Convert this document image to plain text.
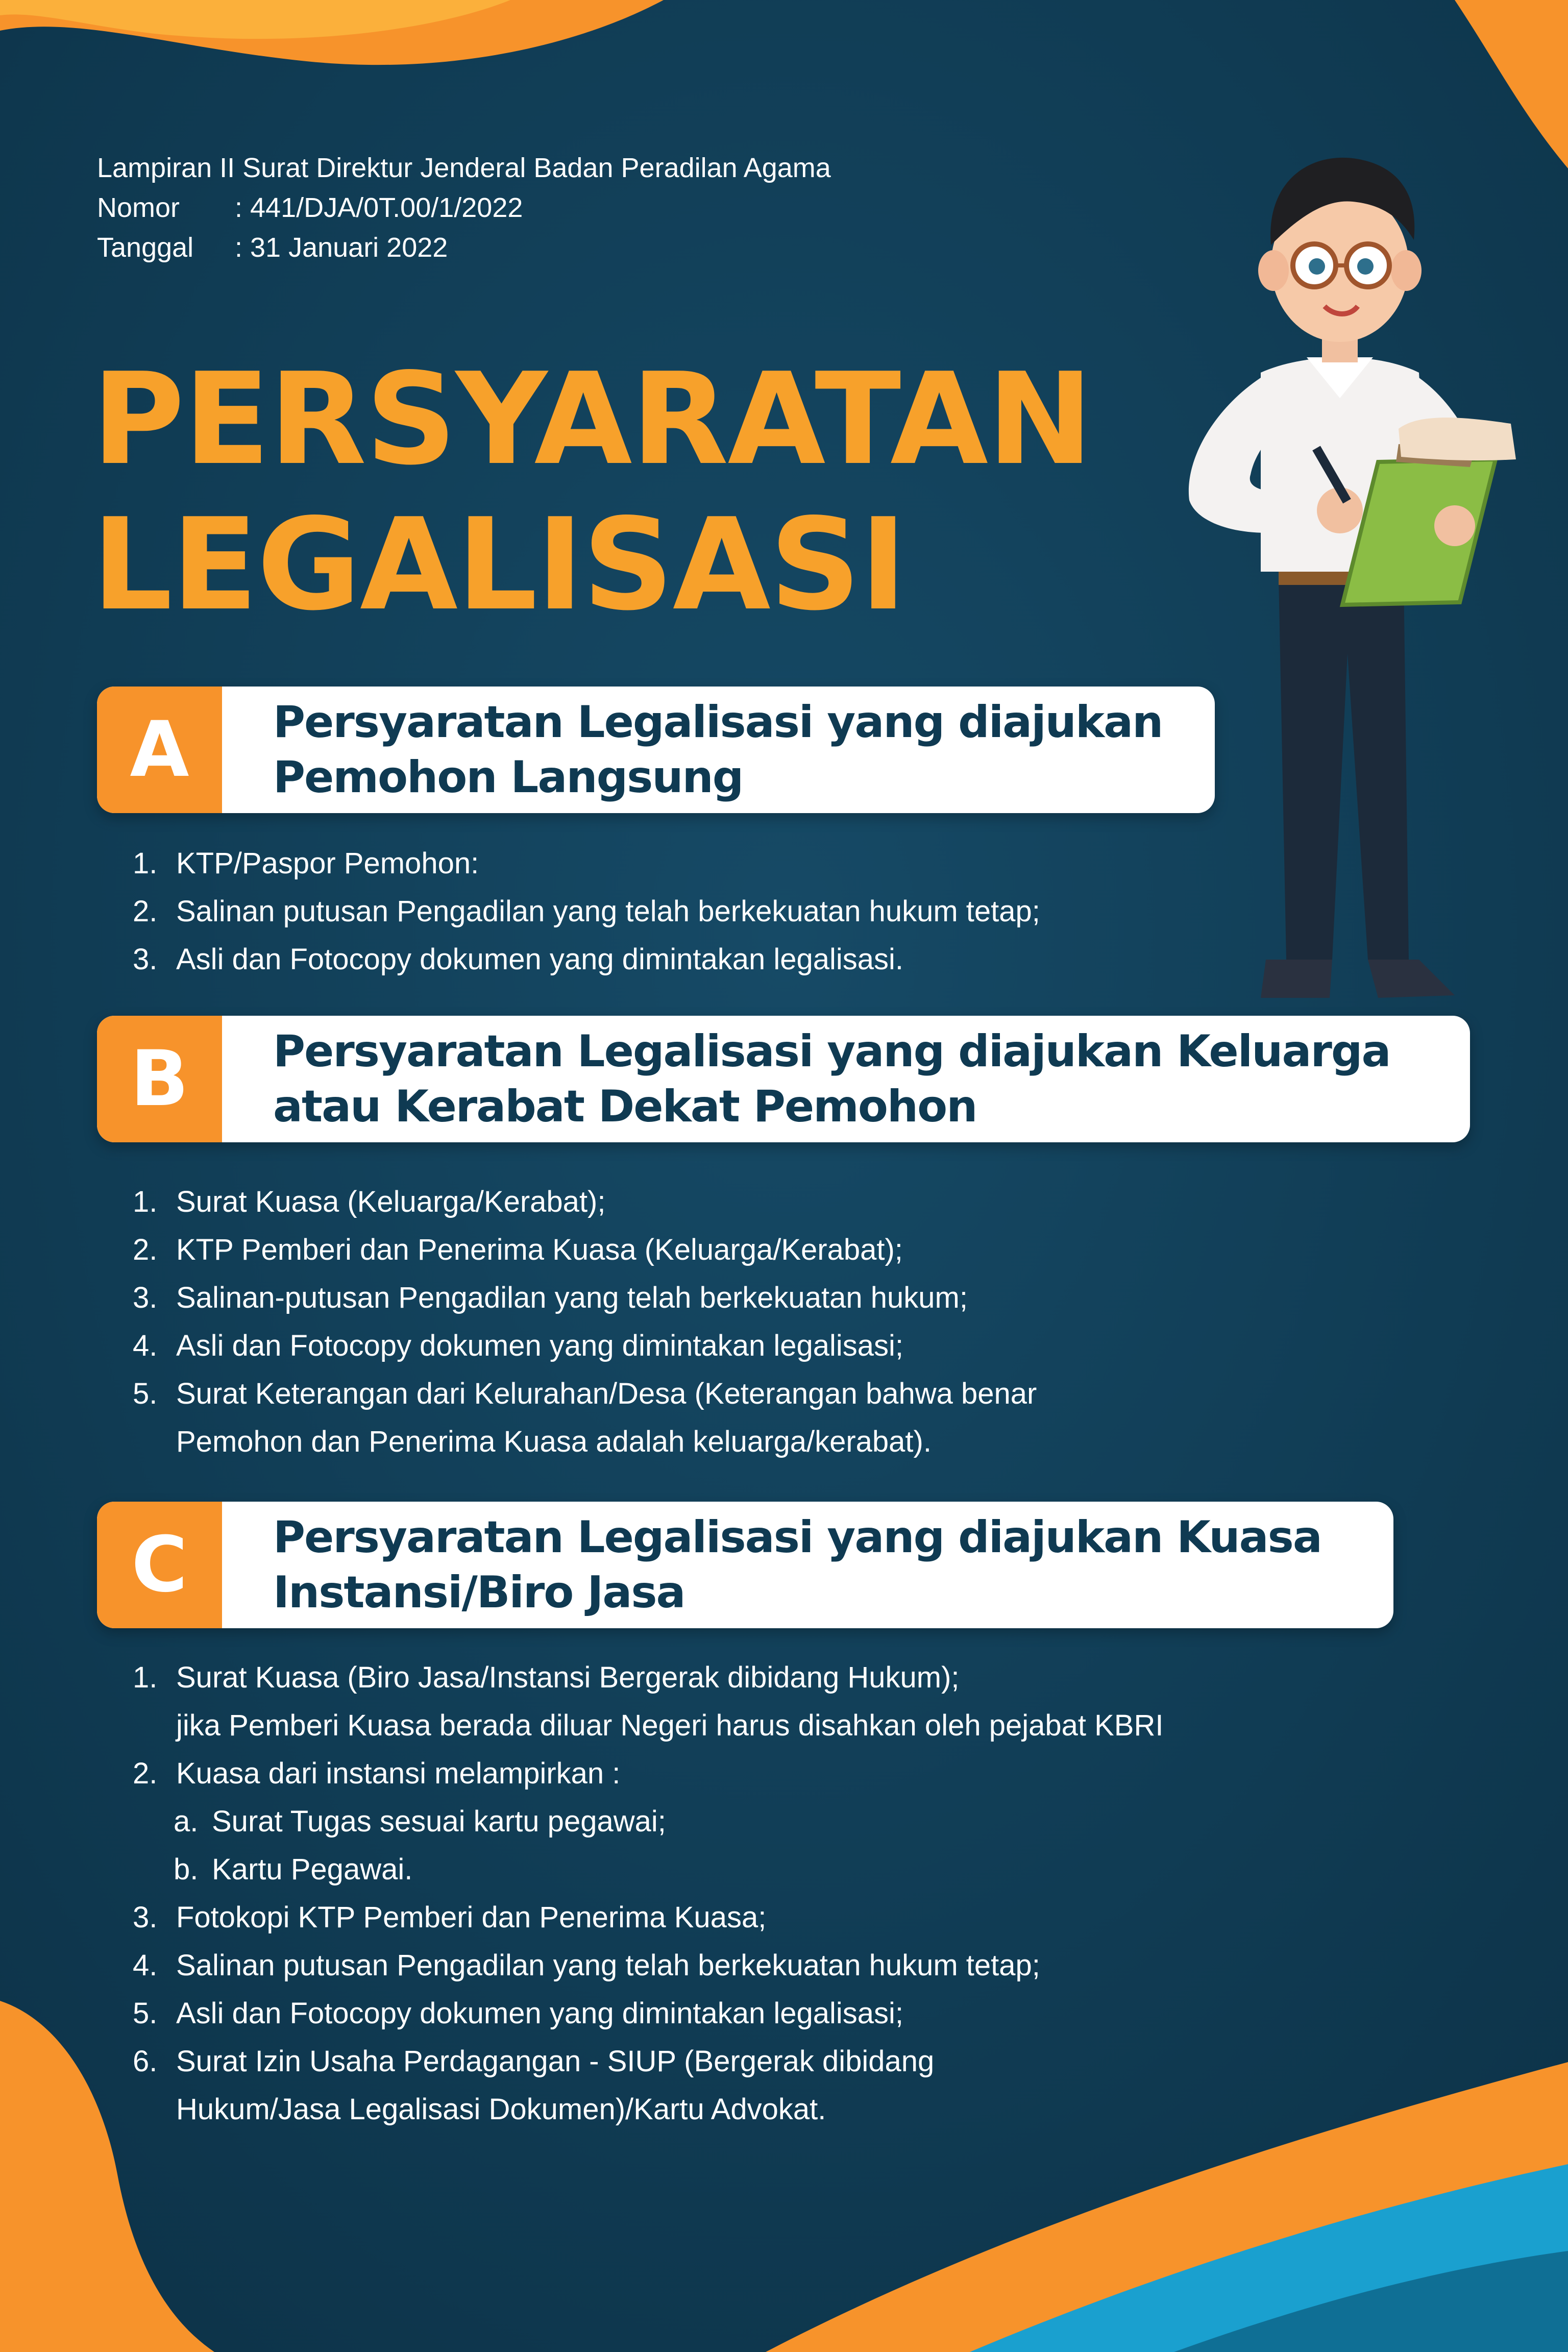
Lampiran II Surat Direktur Jenderal Badan Peradilan Agama
Nomor	: 441/DJA/0T.00/1/2022
Tanggal	: 31 Januari 2022
PERSYARATAN
LEGALISASI
A	Persyaratan Legalisasi yang diajukan
Pemohon Langsung
1. KTP/Paspor Pemohon:
2. Salinan putusan Pengadilan yang telah berkekuatan hukum tetap;
3. Asli dan Fotocopy dokumen yang dimintakan legalisasi.
B	Persyaratan Legalisasi yang diajukan Keluarga
atau Kerabat Dekat Pemohon
1. Surat Kuasa (Keluarga/Kerabat);
2. KTP Pemberi dan Penerima Kuasa (Keluarga/Kerabat);
3. Salinan-putusan Pengadilan yang telah berkekuatan hukum;
4. Asli dan Fotocopy dokumen yang dimintakan legalisasi;
5. Surat Keterangan dari Kelurahan/Desa (Keterangan bahwa benar
Pemohon dan Penerima Kuasa adalah keluarga/kerabat).
C	Persyaratan Legalisasi yang diajukan Kuasa
Instansi/Biro Jasa
1. Surat Kuasa (Biro Jasa/Instansi Bergerak dibidang Hukum);
jika Pemberi Kuasa berada diluar Negeri harus disahkan oleh pejabat KBRI
2. Kuasa dari instansi melampirkan :
a. Surat Tugas sesuai kartu pegawai;
b. Kartu Pegawai.
3. Fotokopi KTP Pemberi dan Penerima Kuasa;
4. Salinan putusan Pengadilan yang telah berkekuatan hukum tetap;
5. Asli dan Fotocopy dokumen yang dimintakan legalisasi;
6. Surat Izin Usaha Perdagangan - SIUP (Bergerak dibidang
Hukum/Jasa Legalisasi Dokumen)/Kartu Advokat.
